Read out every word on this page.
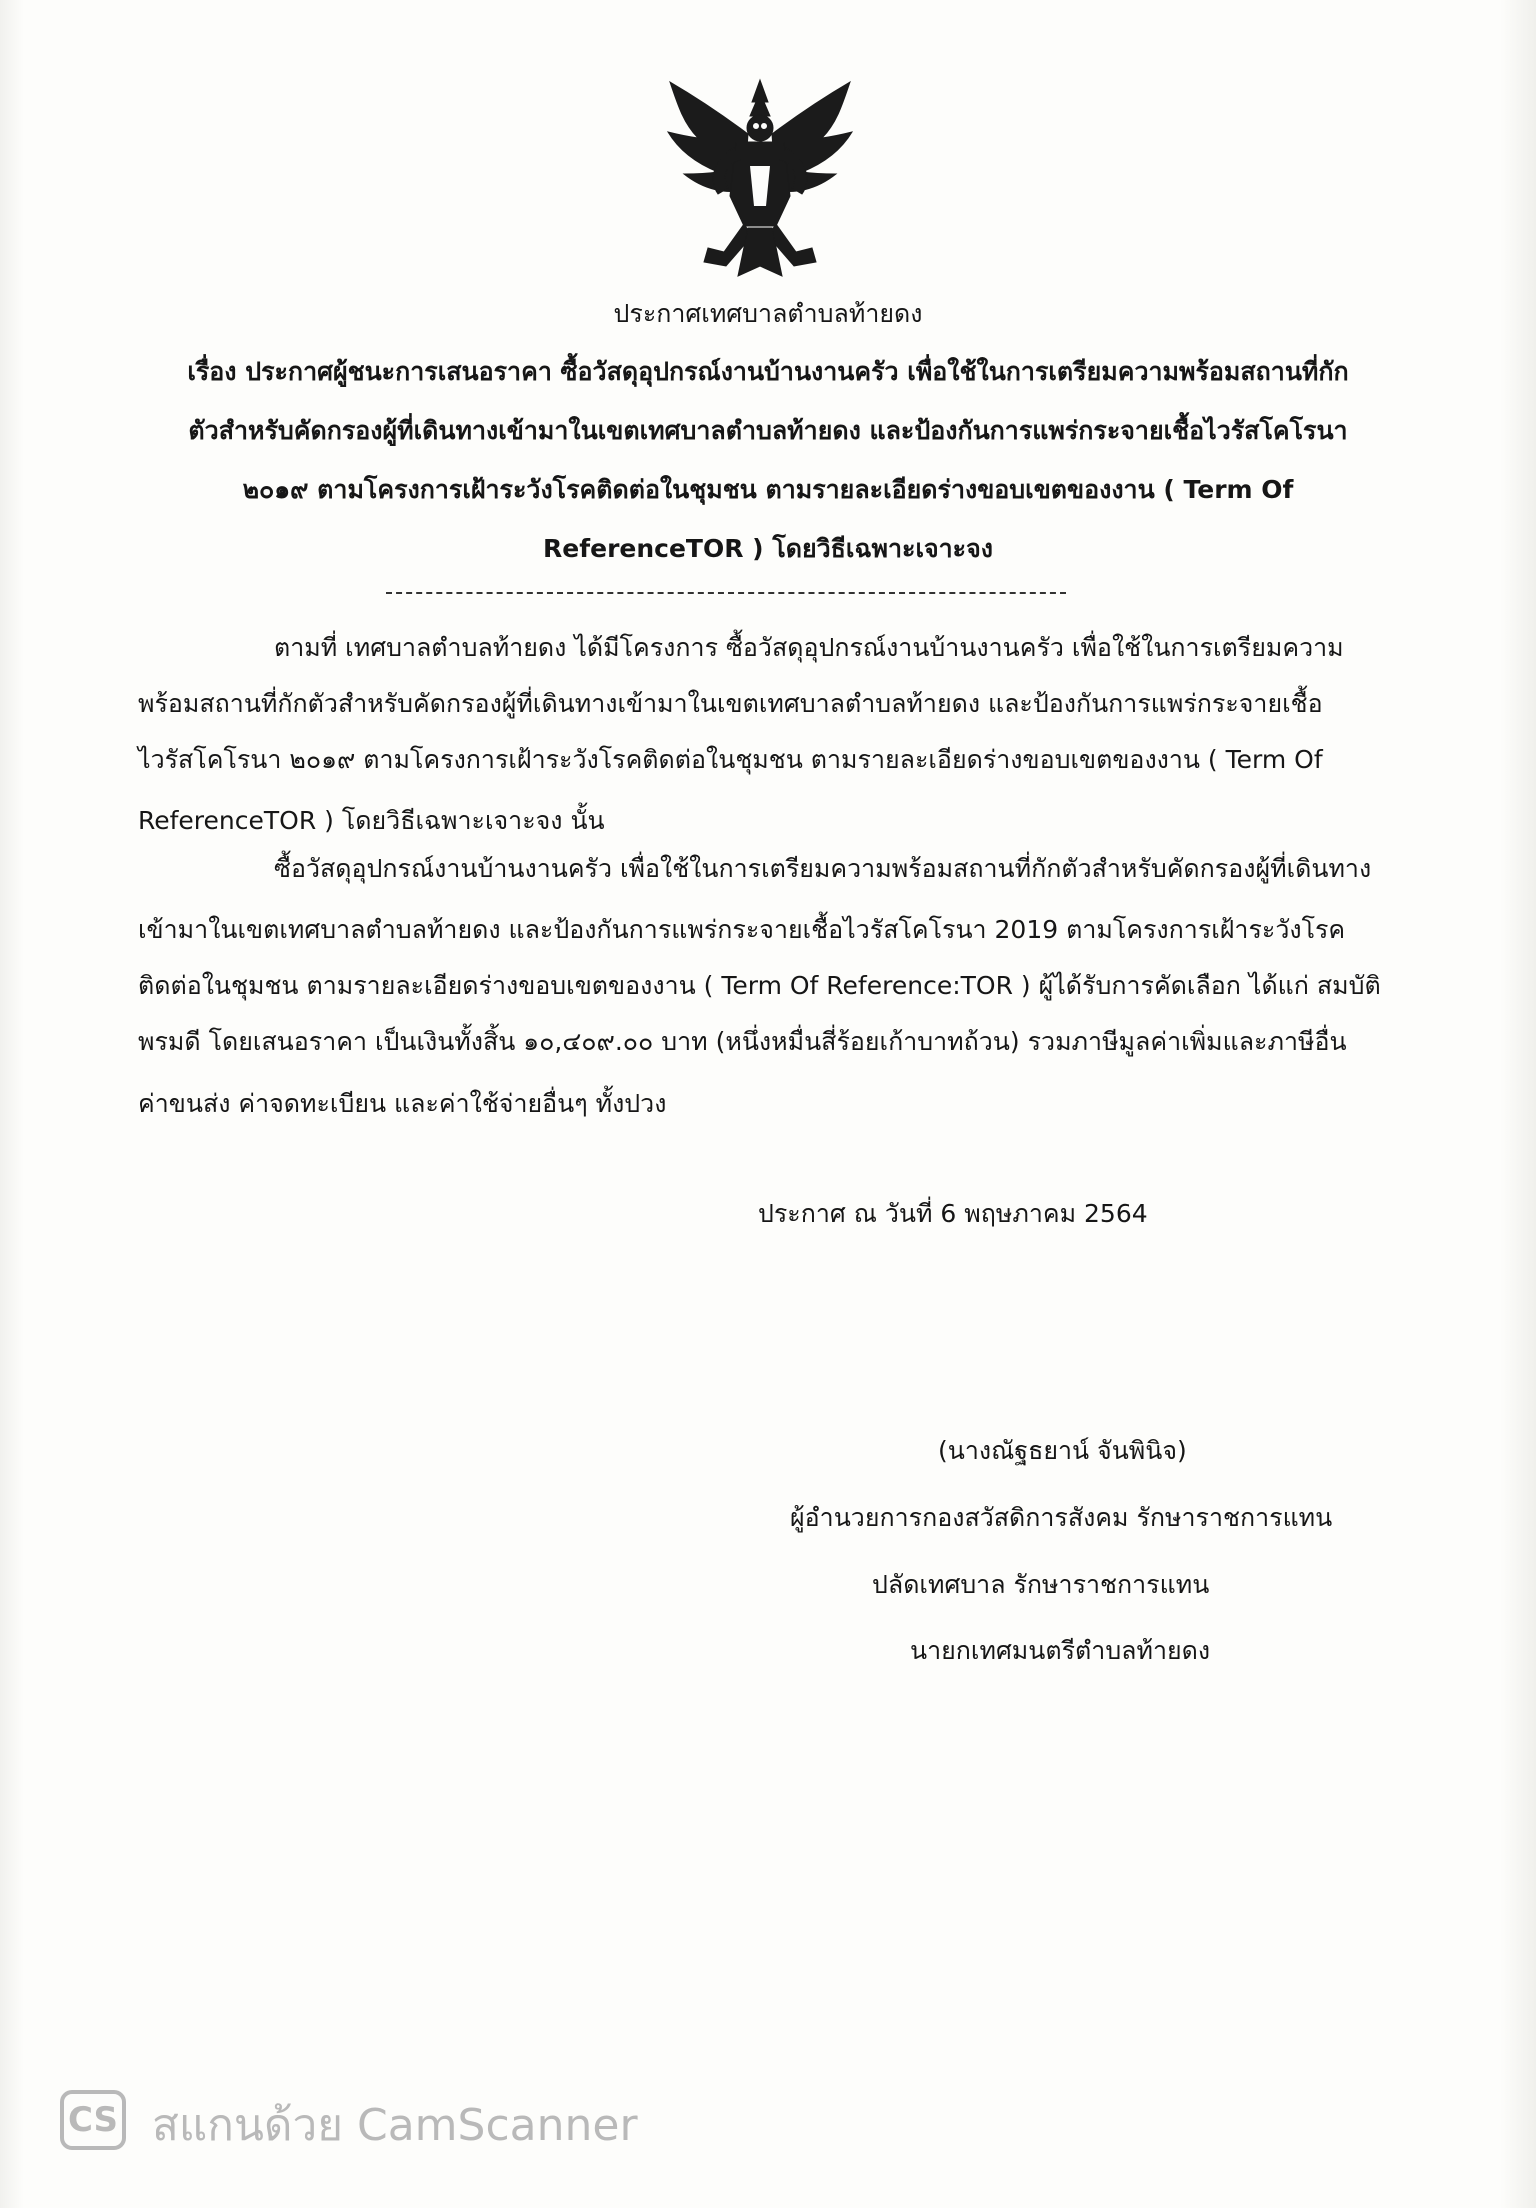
ประกาศเทศบาลตำบลท้ายดง
เรื่อง ประกาศผู้ชนะการเสนอราคา ซื้อวัสดุอุปกรณ์งานบ้านงานครัว เพื่อใช้ในการเตรียมความพร้อมสถานที่กัก
ตัวสำหรับคัดกรองผู้ที่เดินทางเข้ามาในเขตเทศบาลตำบลท้ายดง และป้องกันการแพร่กระจายเชื้อไวรัสโคโรนา
๒๐๑๙ ตามโครงการเฝ้าระวังโรคติดต่อในชุมชน ตามรายละเอียดร่างขอบเขตของงาน ( Term Of
ReferenceTOR ) โดยวิธีเฉพาะเจาะจง
ตามที่ เทศบาลตำบลท้ายดง ได้มีโครงการ ซื้อวัสดุอุปกรณ์งานบ้านงานครัว เพื่อใช้ในการเตรียมความ
พร้อมสถานที่กักตัวสำหรับคัดกรองผู้ที่เดินทางเข้ามาในเขตเทศบาลตำบลท้ายดง และป้องกันการแพร่กระจายเชื้อ
ไวรัสโคโรนา ๒๐๑๙ ตามโครงการเฝ้าระวังโรคติดต่อในชุมชน ตามรายละเอียดร่างขอบเขตของงาน ( Term Of
ReferenceTOR ) โดยวิธีเฉพาะเจาะจง นั้น
ซื้อวัสดุอุปกรณ์งานบ้านงานครัว เพื่อใช้ในการเตรียมความพร้อมสถานที่กักตัวสำหรับคัดกรองผู้ที่เดินทาง
เข้ามาในเขตเทศบาลตำบลท้ายดง และป้องกันการแพร่กระจายเชื้อไวรัสโคโรนา 2019 ตามโครงการเฝ้าระวังโรค
ติดต่อในชุมชน ตามรายละเอียดร่างขอบเขตของงาน ( Term Of Reference:TOR ) ผู้ได้รับการคัดเลือก ได้แก่ สมบัติ
พรมดี โดยเสนอราคา เป็นเงินทั้งสิ้น ๑๐,๔๐๙.๐๐ บาท (หนึ่งหมื่นสี่ร้อยเก้าบาทถ้วน) รวมภาษีมูลค่าเพิ่มและภาษีอื่น
ค่าขนส่ง ค่าจดทะเบียน และค่าใช้จ่ายอื่นๆ ทั้งปวง
ประกาศ ณ วันที่ 6 พฤษภาคม 2564
(นางณัฐธยาน์ จันพินิจ)
ผู้อำนวยการกองสวัสดิการสังคม รักษาราชการแทน
ปลัดเทศบาล รักษาราชการแทน
นายกเทศมนตรีตำบลท้ายดง
CS สแกนด้วย CamScanner
